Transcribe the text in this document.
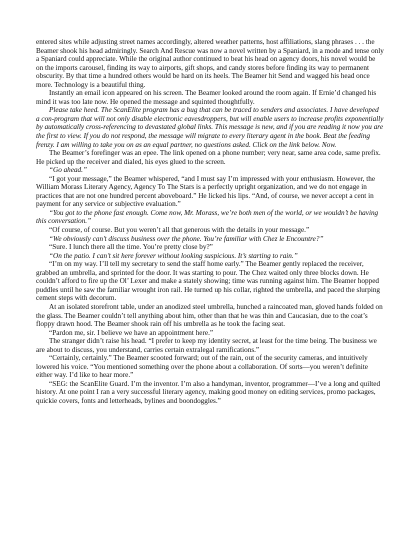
entered sites while adjusting street names accordingly, altered weather patterns, host affiliations, slang phrases . . . the Beamer shook his head admiringly. Search And Rescue was now a novel written by a Spaniard, in a mode and tense only a Spaniard could appreciate. While the original author continued to beat his head on agency doors, his novel would be on the imports carousel, finding its way to airports, gift shops, and candy stores before finding its way to permanent obscurity. By that time a hundred others would be hard on its heels. The Beamer hit Send and wagged his head once more. Technology is a beautiful thing.

Instantly an email icon appeared on his screen. The Beamer looked around the room again. If Ernie’d changed his mind it was too late now. He opened the message and squinted thoughtfully.

Please take heed. The ScanElite program has a bug that can be traced to senders and associates. I have developed a con-program that will not only disable electronic eavesdroppers, but will enable users to increase profits exponentially by automatically cross-referencing to devastated global links. This message is new, and if you are reading it now you are the first to view. If you do not respond, the message will migrate to every literary agent in the book. Beat the feeding frenzy. I am willing to take you on as an equal partner, no questions asked. Click on the link below. Now.

The Beamer’s forefinger was an epee. The link opened on a phone number; very near, same area code, same prefix. He picked up the receiver and dialed, his eyes glued to the screen.

“Go ahead.”

“I got your message,” the Beamer whispered, “and I must say I’m impressed with your enthusiasm. However, the William Morass Literary Agency, Agency To The Stars is a perfectly upright organization, and we do not engage in practices that are not one hundred percent aboveboard.” He licked his lips. “And, of course, we never accept a cent in payment for any service or subjective evaluation.”

“You got to the phone fast enough. Come now, Mr. Morass, we’re both men of the world, or we wouldn’t be having this conversation.”

“Of course, of course. But you weren’t all that generous with the details in your message.”

“We obviously can’t discuss business over the phone. You’re familiar with Chez le Encountre?”

“Sure. I lunch there all the time. You’re pretty close by?”

“On the patio. I can’t sit here forever without looking suspicious. It’s starting to rain.”

“I’m on my way. I’ll tell my secretary to send the staff home early.” The Beamer gently replaced the receiver, grabbed an umbrella, and sprinted for the door. It was starting to pour. The Chez waited only three blocks down. He couldn’t afford to fire up the Ol’ Lexer and make a stately showing; time was running against him. The Beamer hopped puddles until he saw the familiar wrought iron rail. He turned up his collar, righted the umbrella, and paced the slurping cement steps with decorum.

At an isolated storefront table, under an anodized steel umbrella, hunched a raincoated man, gloved hands folded on the glass. The Beamer couldn’t tell anything about him, other than that he was thin and Caucasian, due to the coat’s floppy drawn hood. The Beamer shook rain off his umbrella as he took the facing seat.

“Pardon me, sir. I believe we have an appointment here.”

The stranger didn’t raise his head. “I prefer to keep my identity secret, at least for the time being. The business we are about to discuss, you understand, carries certain extralegal ramifications.”

“Certainly, certainly.” The Beamer scooted forward; out of the rain, out of the security cameras, and intuitively lowered his voice. “You mentioned something over the phone about a collaboration. Of sorts—you weren’t definite either way. I’d like to hear more.”

“SEG: the ScanElite Guard. I’m the inventor. I’m also a handyman, inventor, programmer—I’ve a long and quilted history. At one point I ran a very successful literary agency, making good money on editing services, promo packages, quickie covers, fonts and letterheads, bylines and boondoggles.”
